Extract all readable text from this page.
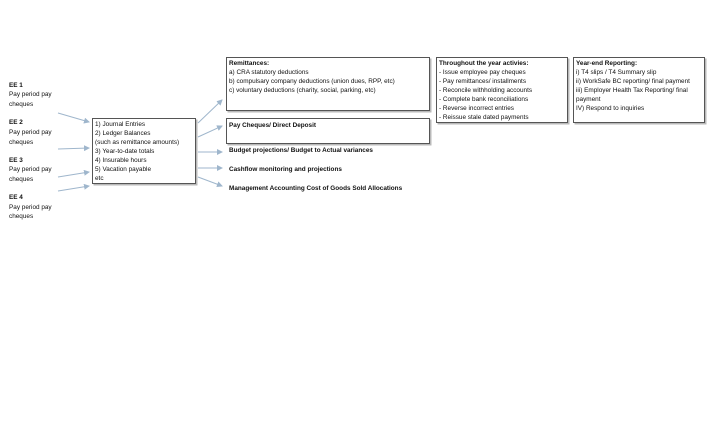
EE 1
Pay period pay
cheques
EE 2
Pay period pay
cheques
EE 3
Pay period pay
cheques
EE 4
Pay period pay
cheques
1) Journal Entries
2) Ledger Balances
(such as remittance amounts)
3) Year-to-date totals
4) Insurable hours
5) Vacation payable
etc
Remittances:
a) CRA statutory deductions
b) compulsary company deductions (union dues, RPP, etc)
c) voluntary deductions (charity, social, parking, etc)
Pay Cheques/ Direct Deposit
Budget projections/ Budget to Actual variances
Cashflow monitoring and projections
Management Accounting Cost of Goods Sold Allocations
Throughout the year activies:
- Issue employee pay cheques
- Pay remittances/ installments
- Reconcile withholding accounts
- Complete bank reconciliations
- Reverse incorrect entries
- Reissue stale dated payments
Year-end Reporting:
i) T4 slips / T4 Summary slip
ii) WorkSafe BC reporting/ final payment
iii) Employer Health Tax Reporting/ final
payment
IV) Respond to inquiries
